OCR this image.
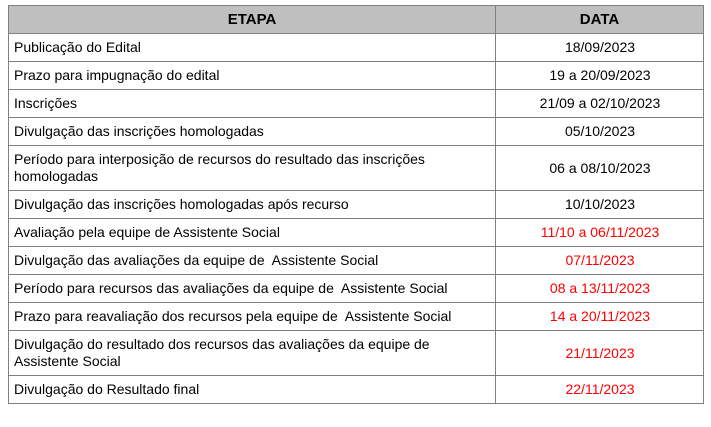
ETAPA	DATA
Publicação do Edital	18/09/2023
Prazo para impugnação do edital	19 a 20/09/2023
Inscrições	21/09 a 02/10/2023
Divulgação das inscrições homologadas	05/10/2023
Período para interposição de recursos do resultado das inscrições homologadas	06 a 08/10/2023
Divulgação das inscrições homologadas após recurso	10/10/2023
Avaliação pela equipe de Assistente Social	11/10 a 06/11/2023
Divulgação das avaliações da equipe de  Assistente Social	07/11/2023
Período para recursos das avaliações da equipe de  Assistente Social	08 a 13/11/2023
Prazo para reavaliação dos recursos pela equipe de  Assistente Social	14 a 20/11/2023
Divulgação do resultado dos recursos das avaliações da equipe de Assistente Social	21/11/2023
Divulgação do Resultado final	22/11/2023
